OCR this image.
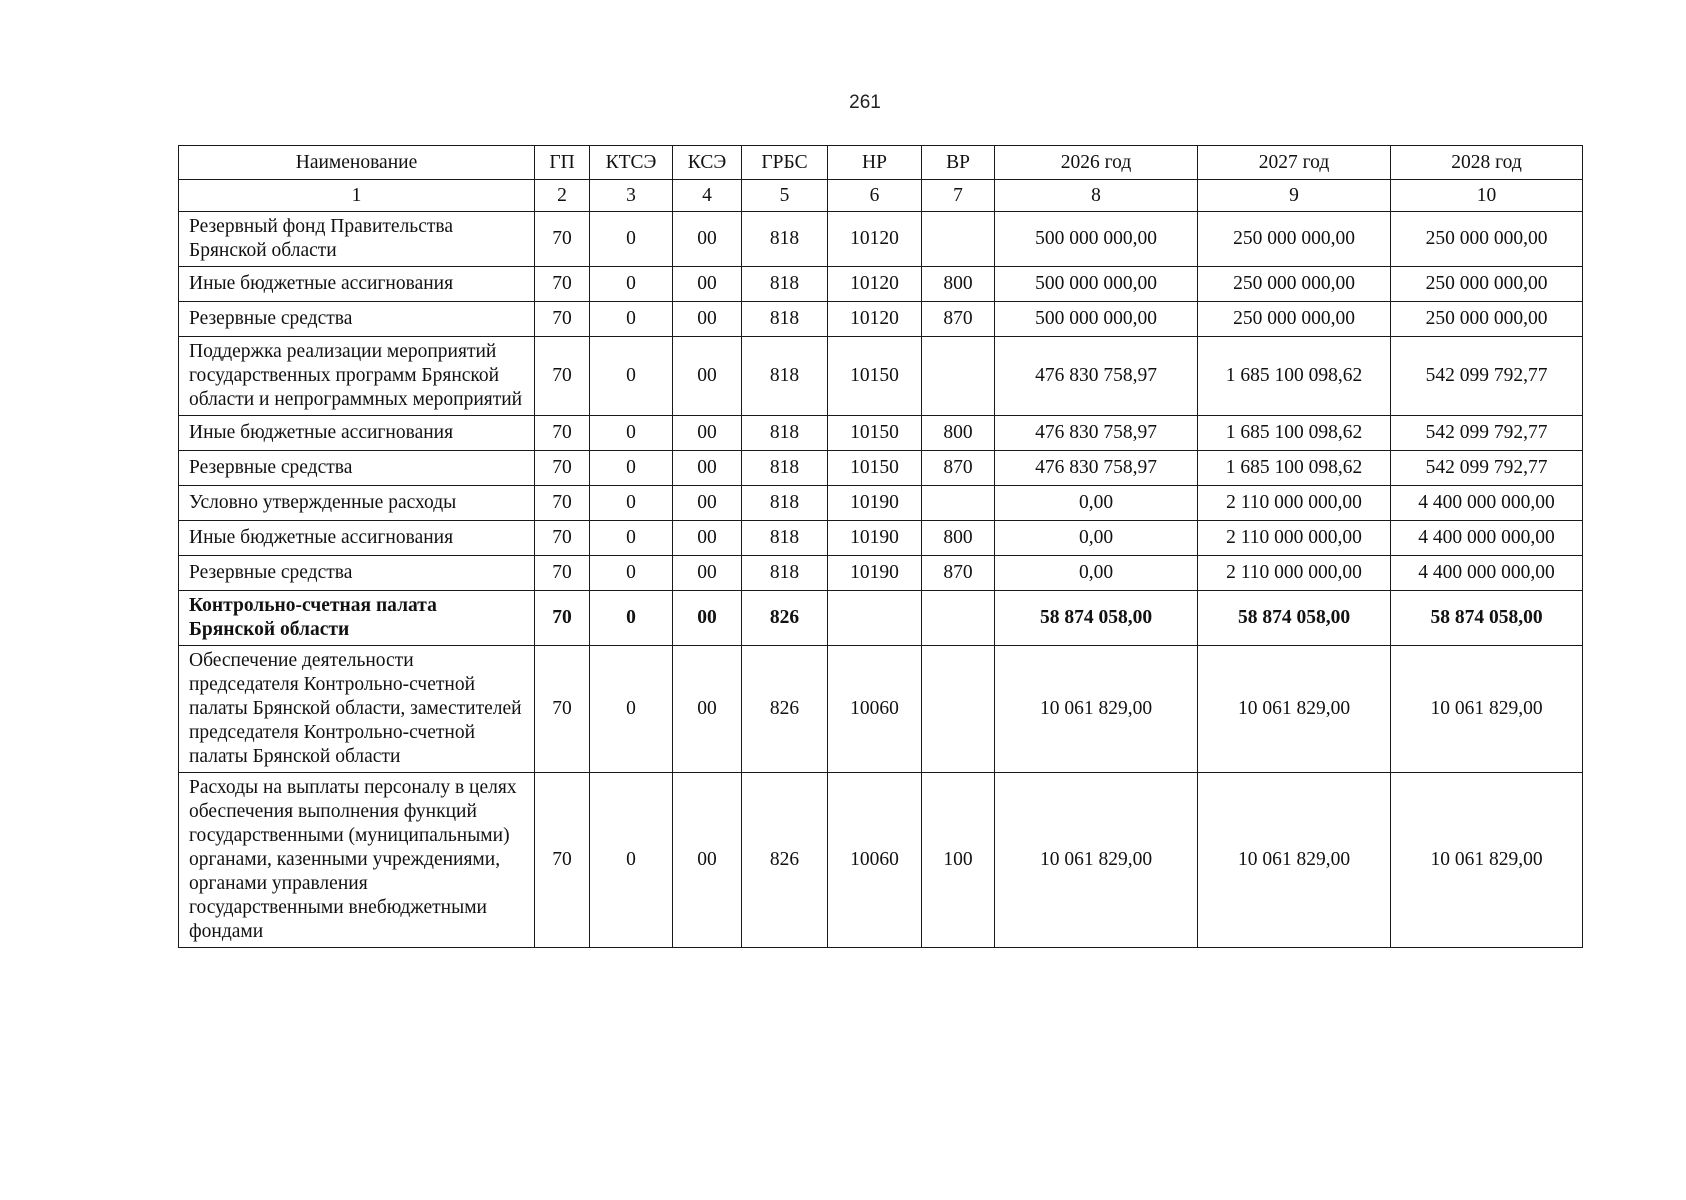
261
Наименование	ГП	КТСЭ	КСЭ	ГРБС	НР	ВР	2026 год	2027 год	2028 год
1	2	3	4	5	6	7	8	9	10
Резервный фонд Правительства Брянской области	70	0	00	818	10120		500 000 000,00	250 000 000,00	250 000 000,00
Иные бюджетные ассигнования	70	0	00	818	10120	800	500 000 000,00	250 000 000,00	250 000 000,00
Резервные средства	70	0	00	818	10120	870	500 000 000,00	250 000 000,00	250 000 000,00
Поддержка реализации мероприятий государственных программ Брянской области и непрограммных мероприятий	70	0	00	818	10150		476 830 758,97	1 685 100 098,62	542 099 792,77
Иные бюджетные ассигнования	70	0	00	818	10150	800	476 830 758,97	1 685 100 098,62	542 099 792,77
Резервные средства	70	0	00	818	10150	870	476 830 758,97	1 685 100 098,62	542 099 792,77
Условно утвержденные расходы	70	0	00	818	10190		0,00	2 110 000 000,00	4 400 000 000,00
Иные бюджетные ассигнования	70	0	00	818	10190	800	0,00	2 110 000 000,00	4 400 000 000,00
Резервные средства	70	0	00	818	10190	870	0,00	2 110 000 000,00	4 400 000 000,00
Контрольно-счетная палата Брянской области	70	0	00	826			58 874 058,00	58 874 058,00	58 874 058,00
Обеспечение деятельности председателя Контрольно-счетной палаты Брянской области, заместителей председателя Контрольно-счетной палаты Брянской области	70	0	00	826	10060		10 061 829,00	10 061 829,00	10 061 829,00
Расходы на выплаты персоналу в целях обеспечения выполнения функций государственными (муниципальными) органами, казенными учреждениями, органами управления государственными внебюджетными фондами	70	0	00	826	10060	100	10 061 829,00	10 061 829,00	10 061 829,00
